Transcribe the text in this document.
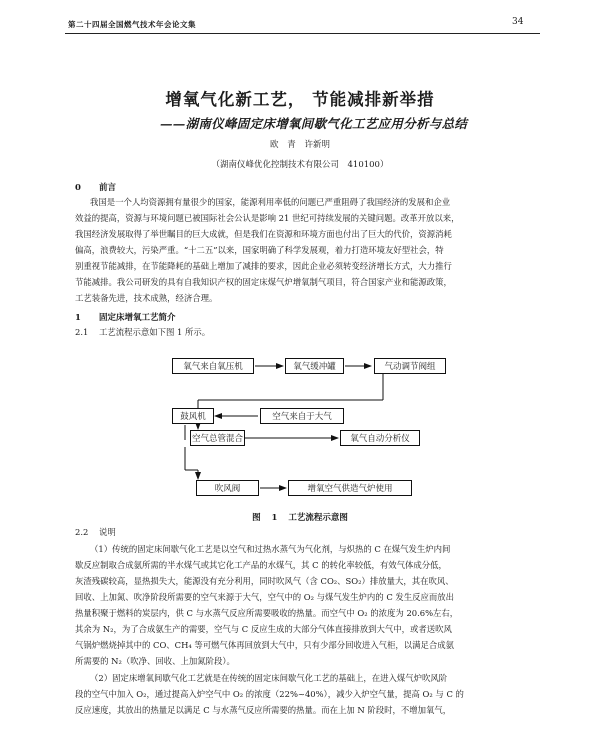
第二十四届全国燃气技术年会论文集	34
增氧气化新工艺， 节能减排新举措
——湖南仪峰固定床增氧间歇气化工艺应用分析与总结
欧 青 许新明
（湖南仪峰优化控制技术有限公司　410100）
0 前言
我国是一个人均资源拥有量很少的国家，能源利用率低的问题已严重阻碍了我国经济的发展和企业
效益的提高，资源与环境问题已被国际社会公认是影响 21 世纪可持续发展的关键问题。改革开放以来，
我国经济发展取得了举世瞩目的巨大成就，但是我们在资源和环境方面也付出了巨大的代价，资源消耗
偏高，浪费较大，污染严重。“十二五”以来，国家明确了科学发展观，着力打造环境友好型社会，特
别重视节能减排，在节能降耗的基础上增加了减排的要求，因此企业必须转变经济增长方式，大力推行
节能减排。我公司研发的具有自我知识产权的固定床煤气炉增氧制气项目，符合国家产业和能源政策，
工艺装备先进，技术成熟，经济合理。
1 固定床增氧工艺简介
2.1 工艺流程示意如下图 1 所示。
氧气来自氧压机	氧气缓冲罐	气动调节阀组
鼓风机	空气来自于大气
空气总管混合	氧气自动分析仪
吹风阀	增氧空气供造气炉使用
图 1 工艺流程示意图
2.2 说明
（1）传统的固定床间歇气化工艺是以空气和过热水蒸气为气化剂，与炽热的 C 在煤气发生炉内间
歇反应制取合成氨所需的半水煤气或其它化工产品的水煤气，其 C 的转化率较低，有效气体成分低，
灰渣残碳较高，显热损失大，能源没有充分利用，同时吹风气（含 CO₂、SO₂）排放量大，其在吹风、
回收、上加氮、吹净阶段所需要的空气来源于大气，空气中的 O₂ 与煤气发生炉内的 C 发生反应而放出
热量积聚于燃料的炭层内，供 C 与水蒸气反应所需要吸收的热量。而空气中 O₂ 的浓度为 20.6%左右，
其余为 N₂，为了合成氨生产的需要，空气与 C 反应生成的大部分气体直接排放到大气中，或者送吹风
气锅炉燃烧掉其中的 CO、CH₄ 等可燃气体再回放到大气中，只有少部分回收进入气柜，以满足合成氨
所需要的 N₂（吹净、回收、上加氮阶段）。
（2）固定床增氧间歇气化工艺就是在传统的固定床间歇气化工艺的基础上，在进入煤气炉吹风阶
段的空气中加入 O₂，通过提高入炉空气中 O₂ 的浓度（22%~40%），减少入炉空气量，提高 O₂ 与 C 的
反应速度，其放出的热量足以满足 C 与水蒸气反应所需要的热量。而在上加 N 阶段时，不增加氧气，
